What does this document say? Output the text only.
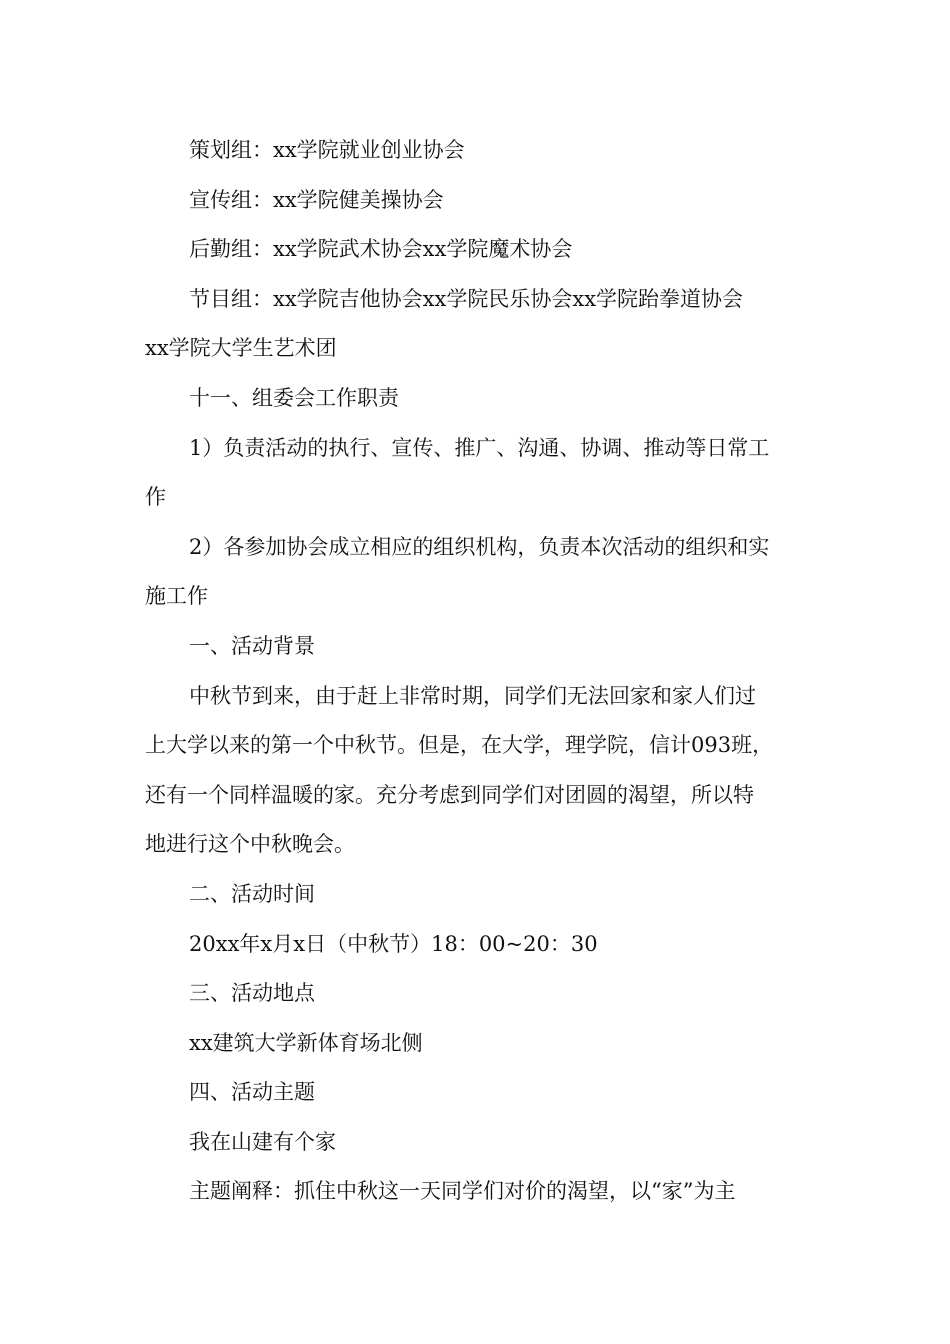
策划组：xx学院就业创业协会
宣传组：xx学院健美操协会
后勤组：xx学院武术协会xx学院魔术协会
节目组：xx学院吉他协会xx学院民乐协会xx学院跆拳道协会
xx学院大学生艺术团
十一、组委会工作职责
1）负责活动的执行、宣传、推广、沟通、协调、推动等日常工
作
2）各参加协会成立相应的组织机构，负责本次活动的组织和实
施工作
一、活动背景
中秋节到来，由于赶上非常时期，同学们无法回家和家人们过
上大学以来的第一个中秋节。但是，在大学，理学院，信计093班，
还有一个同样温暖的家。充分考虑到同学们对团圆的渴望，所以特
地进行这个中秋晚会。
二、活动时间
20xx年x月x日（中秋节）18：00~20：30
三、活动地点
xx建筑大学新体育场北侧
四、活动主题
我在山建有个家
主题阐释：抓住中秋这一天同学们对价的渴望，以“家”为主
